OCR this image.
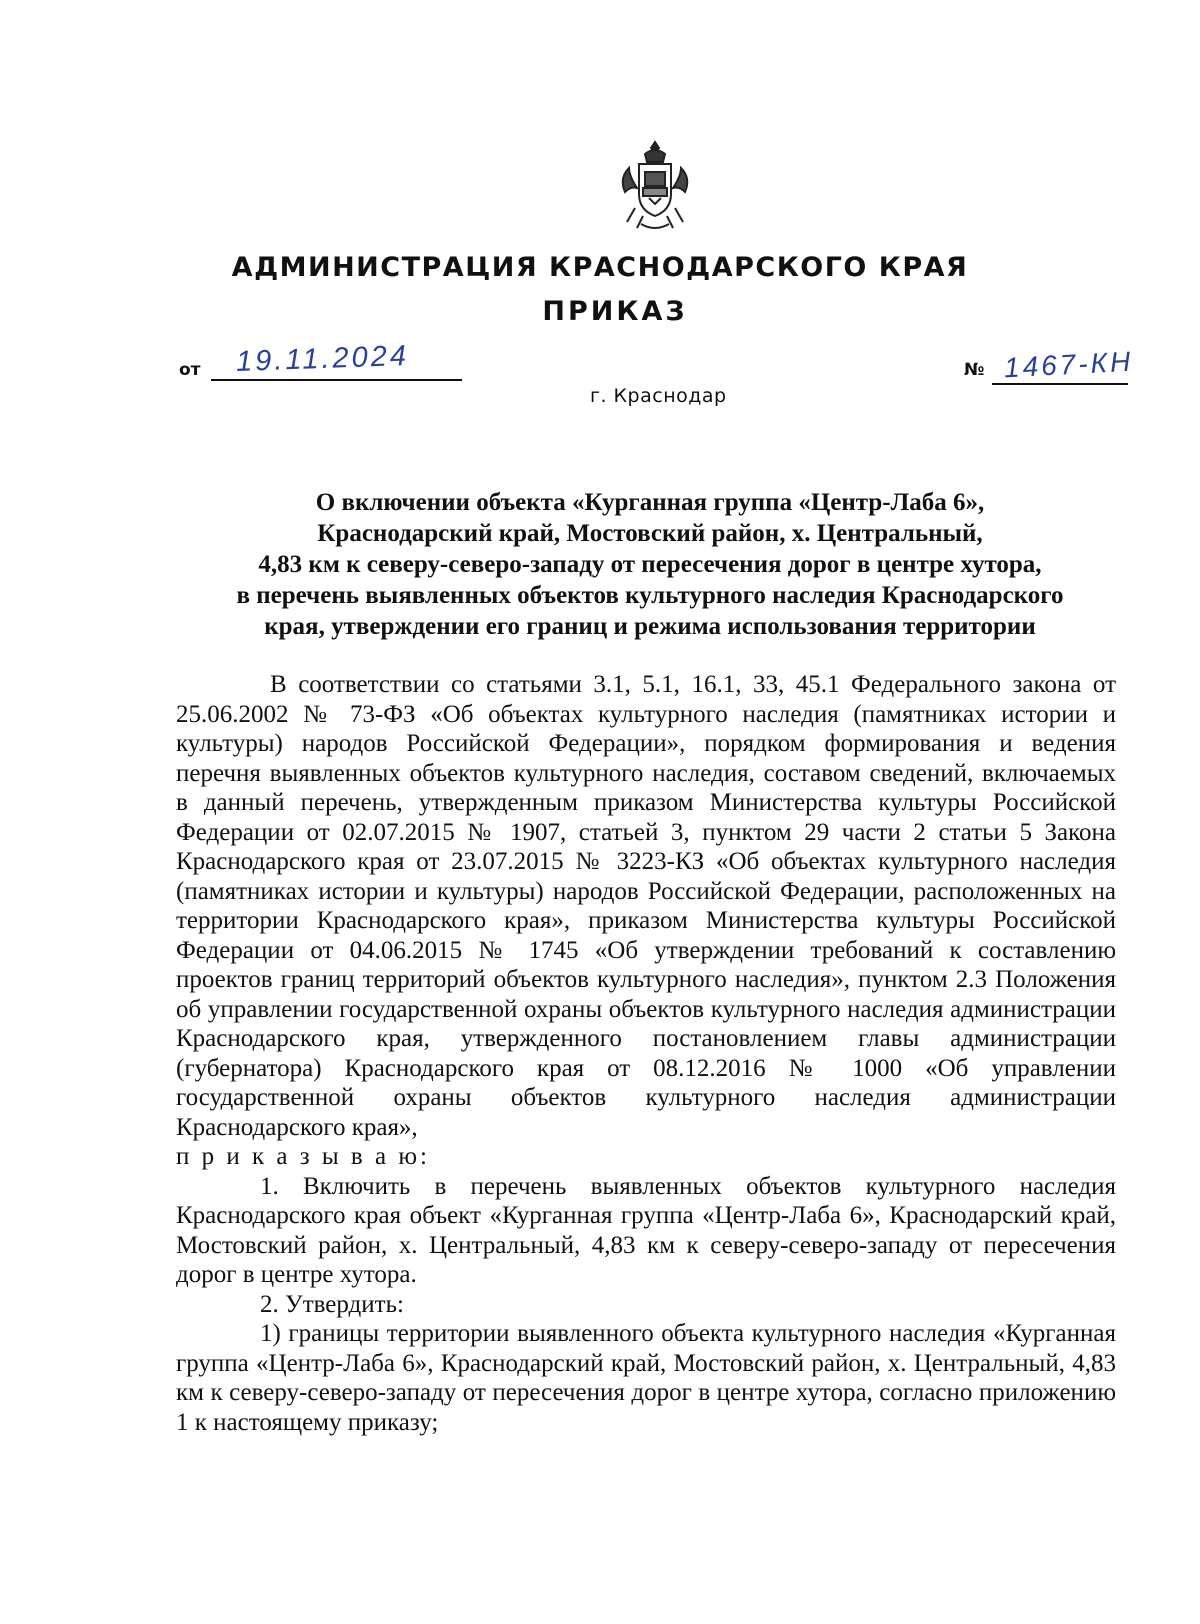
АДМИНИСТРАЦИЯ КРАСНОДАРСКОГО КРАЯ
ПРИКАЗ
от 19.11.2024	№ 1467-КН
г. Краснодар
О включении объекта «Курганная группа «Центр-Лаба 6»,
Краснодарский край, Мостовский район, х. Центральный,
4,83 км к северу-северо-западу от пересечения дорог в центре хутора,
в перечень выявленных объектов культурного наследия Краснодарского
края, утверждении его границ и режима использования территории

В соответствии со статьями 3.1, 5.1, 16.1, 33, 45.1 Федерального закона от 25.06.2002 № 73-ФЗ «Об объектах культурного наследия (памятниках истории и культуры) народов Российской Федерации», порядком формирования и ведения перечня выявленных объектов культурного наследия, составом сведений, включаемых в данный перечень, утвержденным приказом Министерства культуры Российской Федерации от 02.07.2015 № 1907, статьей 3, пунктом 29 части 2 статьи 5 Закона Краснодарского края от 23.07.2015 № 3223-КЗ «Об объектах культурного наследия (памятниках истории и культуры) народов Российской Федерации, расположенных на территории Краснодарского края», приказом Министерства культуры Российской Федерации от 04.06.2015 № 1745 «Об утверждении требований к составлению проектов границ территорий объектов культурного наследия», пунктом 2.3 Положения об управлении государственной охраны объектов культурного наследия администрации Краснодарского края, утвержденного постановлением главы администрации (губернатора) Краснодарского края от 08.12.2016 № 1000 «Об управлении государственной охраны объектов культурного наследия администрации Краснодарского края»,

п р и к а з ы в а ю:

1. Включить в перечень выявленных объектов культурного наследия Краснодарского края объект «Курганная группа «Центр-Лаба 6», Краснодарский край, Мостовский район, х. Центральный, 4,83 км к северу-северо-западу от пересечения дорог в центре хутора.

2. Утвердить:

1) границы территории выявленного объекта культурного наследия «Курганная группа «Центр-Лаба 6», Краснодарский край, Мостовский район, х. Центральный, 4,83 км к северу-северо-западу от пересечения дорог в центре хутора, согласно приложению 1 к настоящему приказу;
